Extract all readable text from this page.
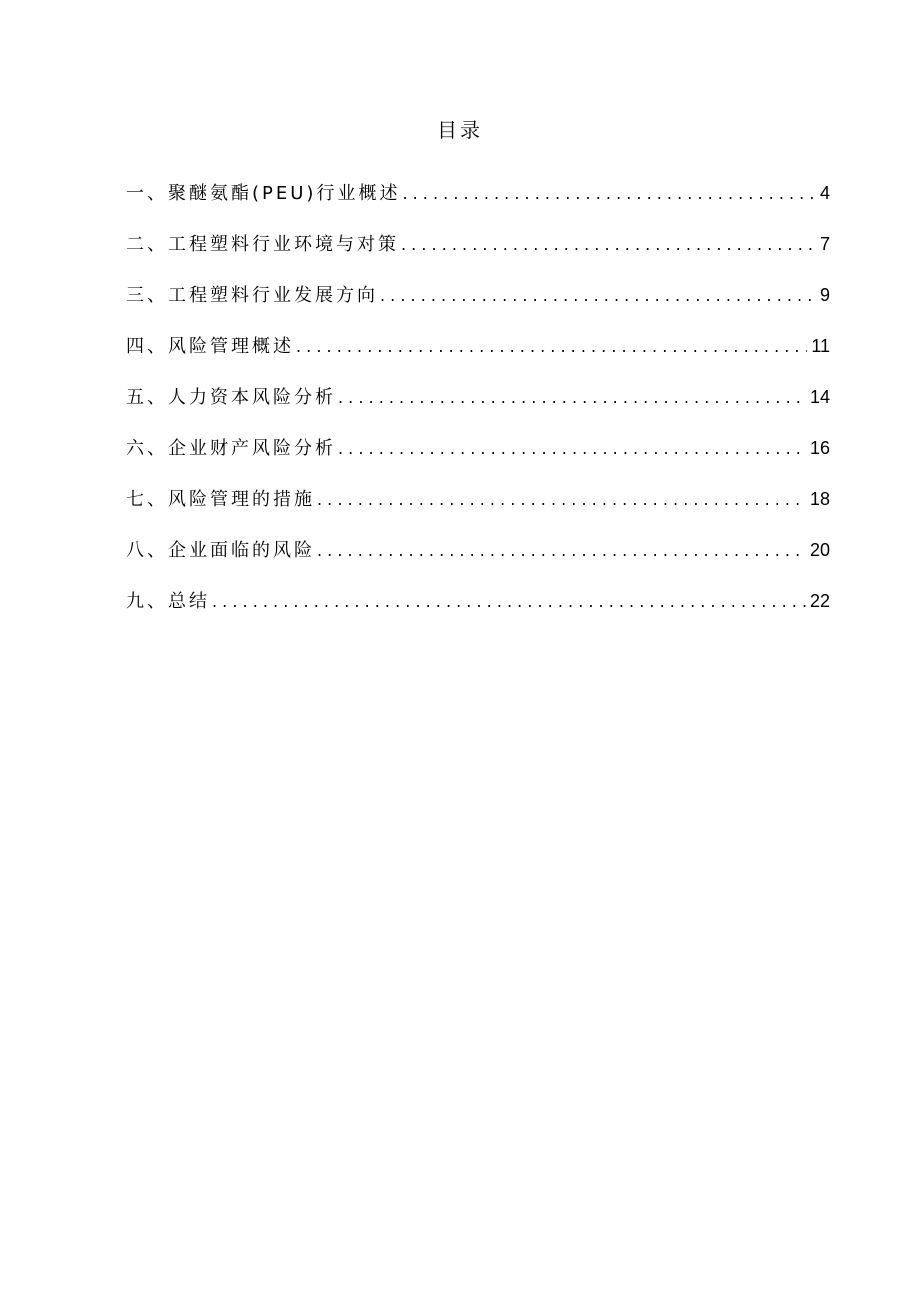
目录
一、聚醚氨酯(PEU)行业概述 . . .	4
二、工程塑料行业环境与对策 . . .	7
三、工程塑料行业发展方向 . . .	9
四、风险管理概述 . . .	11
五、人力资本风险分析 . . .	14
六、企业财产风险分析 . . .	16
七、风险管理的措施 . . .	18
八、企业面临的风险 . . .	20
九、总结 . . .	22
